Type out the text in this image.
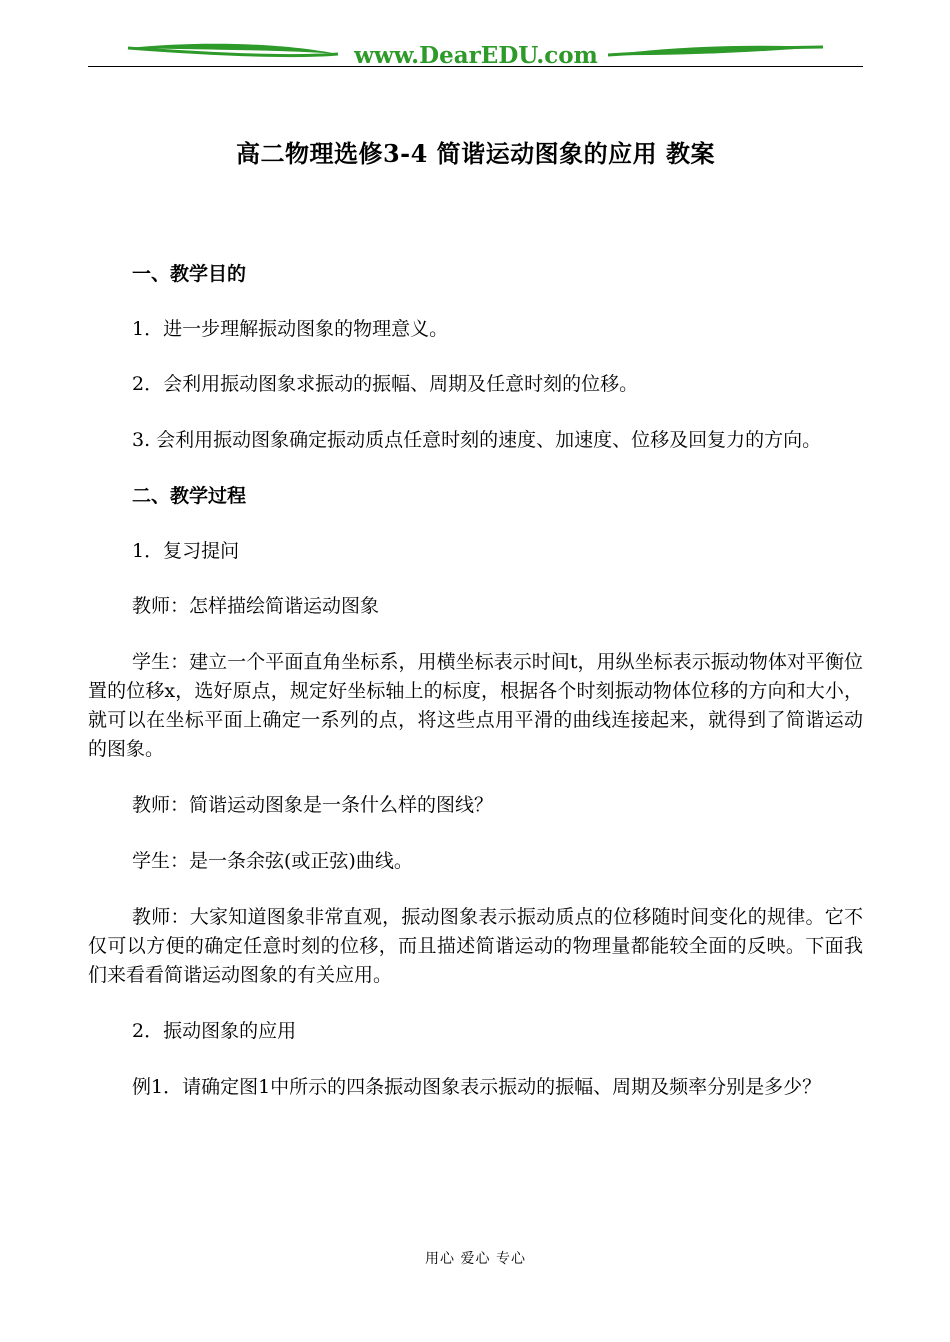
www.DearEDU.com
高二物理选修3-4 简谐运动图象的应用 教案

一、教学目的

1．进一步理解振动图象的物理意义。

2．会利用振动图象求振动的振幅、周期及任意时刻的位移。

3. 会利用振动图象确定振动质点任意时刻的速度、加速度、位移及回复力的方向。

二、教学过程

1．复习提问

教师：怎样描绘简谐运动图象

学生：建立一个平面直角坐标系，用横坐标表示时间t，用纵坐标表示振动物体对平衡位置的位移x，选好原点，规定好坐标轴上的标度，根据各个时刻振动物体位移的方向和大小，就可以在坐标平面上确定一系列的点，将这些点用平滑的曲线连接起来，就得到了简谐运动的图象。

教师：简谐运动图象是一条什么样的图线？

学生：是一条余弦(或正弦)曲线。

教师：大家知道图象非常直观，振动图象表示振动质点的位移随时间变化的规律。它不仅可以方便的确定任意时刻的位移，而且描述简谐运动的物理量都能较全面的反映。下面我们来看看简谐运动图象的有关应用。

2．振动图象的应用

例1．请确定图1中所示的四条振动图象表示振动的振幅、周期及频率分别是多少？

用心 爱心 专心
